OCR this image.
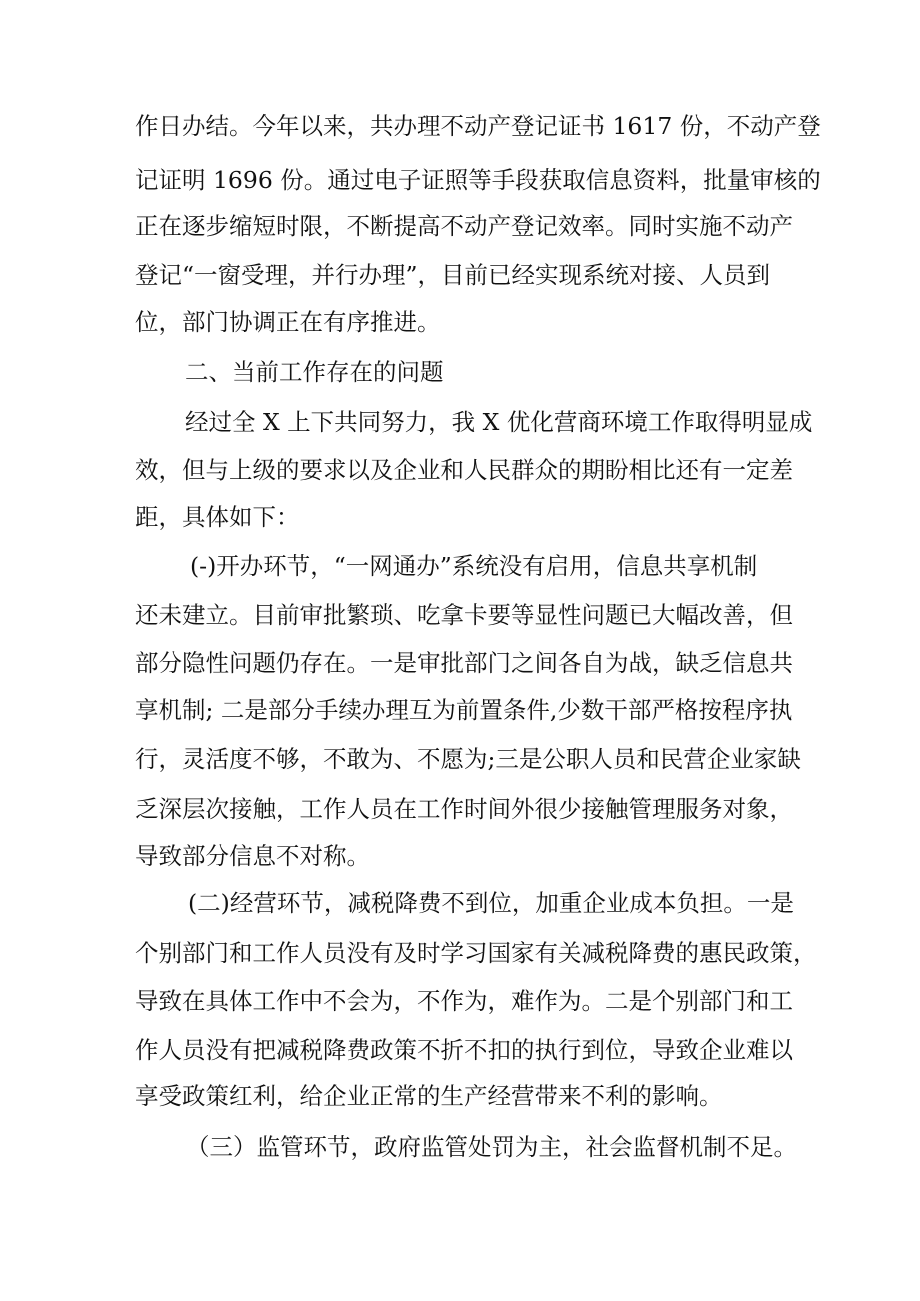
作日办结。今年以来，共办理不动产登记证书 1617 份，不动产登
记证明 1696 份。通过电子证照等手段获取信息资料，批量审核的
正在逐步缩短时限，不断提高不动产登记效率。同时实施不动产
登记“一窗受理，并行办理”，目前已经实现系统对接、人员到
位，部门协调正在有序推进。
二、当前工作存在的问题
经过全 X 上下共同努力，我 X 优化营商环境工作取得明显成
效，但与上级的要求以及企业和人民群众的期盼相比还有一定差
距，具体如下：
(-)开办环节，“一网通办”系统没有启用，信息共享机制
还未建立。目前审批繁琐、吃拿卡要等显性问题已大幅改善，但
部分隐性问题仍存在。一是审批部门之间各自为战，缺乏信息共
享机制; 二是部分手续办理互为前置条件,少数干部严格按程序执
行，灵活度不够，不敢为、不愿为;三是公职人员和民营企业家缺
乏深层次接触，工作人员在工作时间外很少接触管理服务对象，
导致部分信息不对称。
(二)经营环节，减税降费不到位，加重企业成本负担。一是
个别部门和工作人员没有及时学习国家有关减税降费的惠民政策，
导致在具体工作中不会为，不作为，难作为。二是个别部门和工
作人员没有把减税降费政策不折不扣的执行到位，导致企业难以
享受政策红利，给企业正常的生产经营带来不利的影响。
（三）监管环节，政府监管处罚为主，社会监督机制不足。
